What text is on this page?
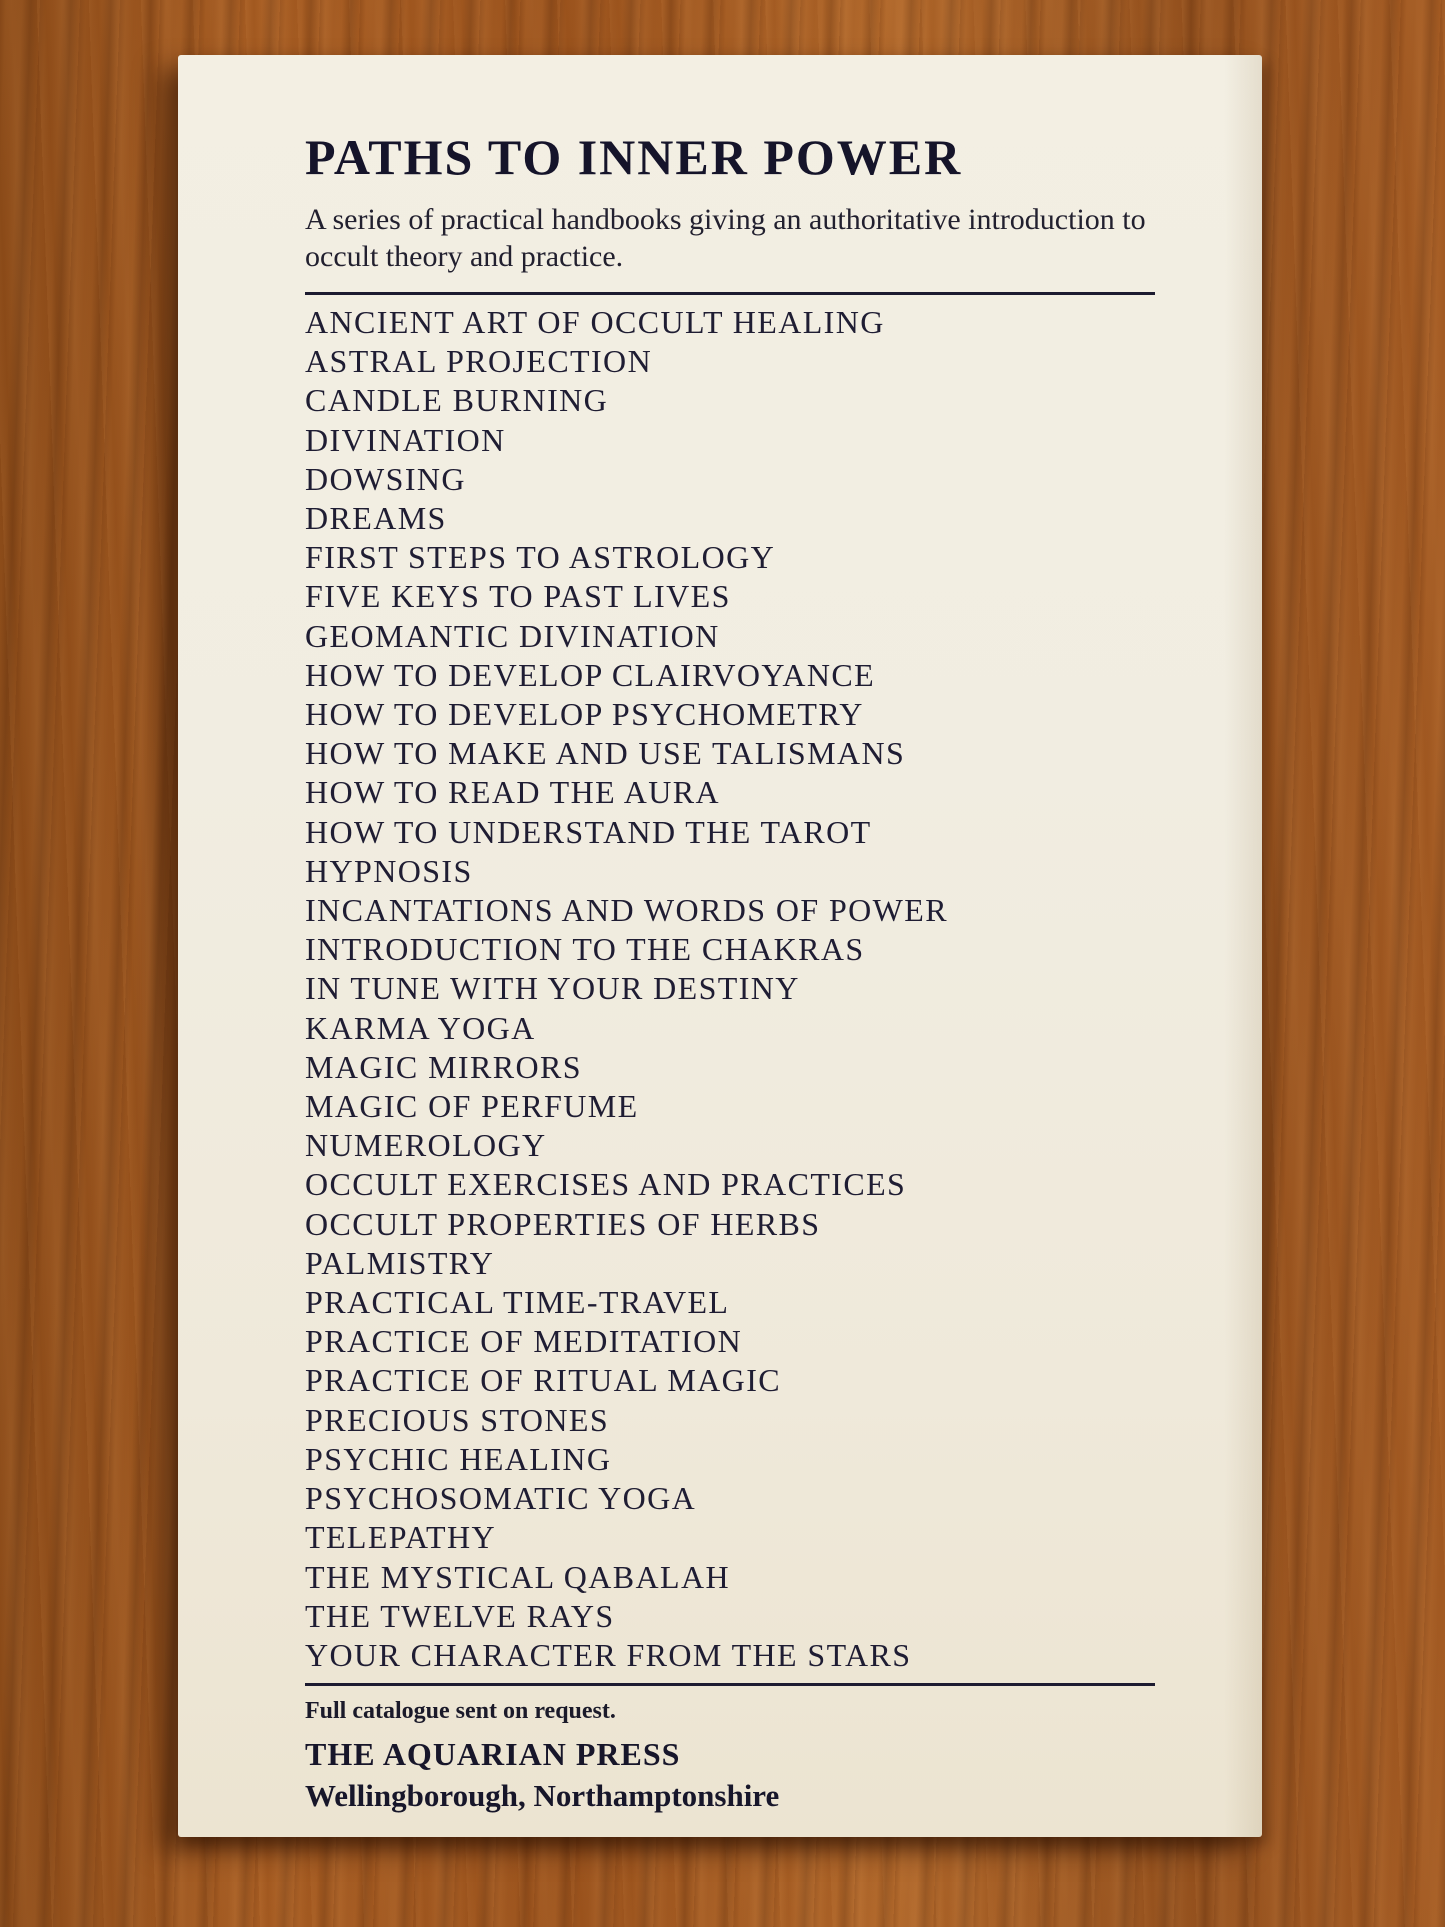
PATHS TO INNER POWER
A series of practical handbooks giving an authoritative introduction to occult theory and practice.
ANCIENT ART OF OCCULT HEALING
ASTRAL PROJECTION
CANDLE BURNING
DIVINATION
DOWSING
DREAMS
FIRST STEPS TO ASTROLOGY
FIVE KEYS TO PAST LIVES
GEOMANTIC DIVINATION
HOW TO DEVELOP CLAIRVOYANCE
HOW TO DEVELOP PSYCHOMETRY
HOW TO MAKE AND USE TALISMANS
HOW TO READ THE AURA
HOW TO UNDERSTAND THE TAROT
HYPNOSIS
INCANTATIONS AND WORDS OF POWER
INTRODUCTION TO THE CHAKRAS
IN TUNE WITH YOUR DESTINY
KARMA YOGA
MAGIC MIRRORS
MAGIC OF PERFUME
NUMEROLOGY
OCCULT EXERCISES AND PRACTICES
OCCULT PROPERTIES OF HERBS
PALMISTRY
PRACTICAL TIME-TRAVEL
PRACTICE OF MEDITATION
PRACTICE OF RITUAL MAGIC
PRECIOUS STONES
PSYCHIC HEALING
PSYCHOSOMATIC YOGA
TELEPATHY
THE MYSTICAL QABALAH
THE TWELVE RAYS
YOUR CHARACTER FROM THE STARS
Full catalogue sent on request.
THE AQUARIAN PRESS
Wellingborough, Northamptonshire
